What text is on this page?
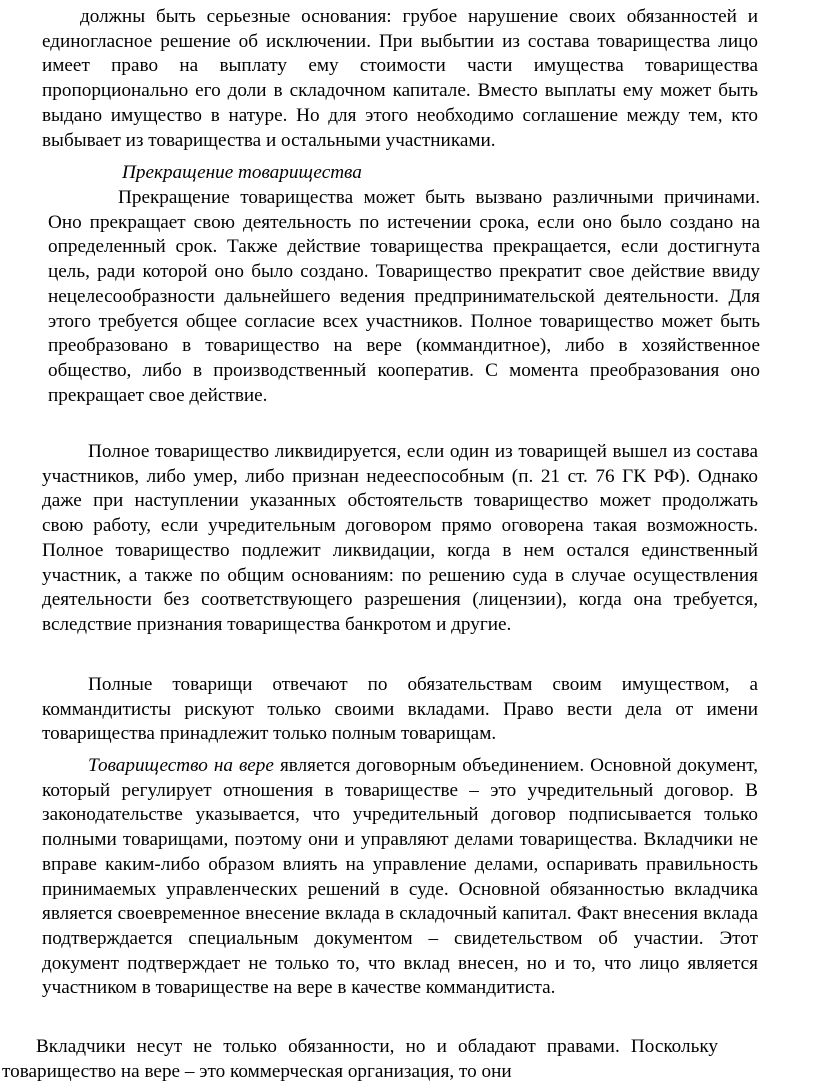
должны быть серьезные основания: грубое нарушение своих обязанностей и единогласное решение об исключении. При выбытии из состава товарищества лицо имеет право на выплату ему стоимости части имущества товарищества пропорционально его доли в складочном капитале. Вместо выплаты ему может быть выдано имущество в натуре. Но для этого необходимо соглашение между тем, кто выбывает из товарищества и остальными участниками.

Прекращение товарищества

Прекращение товарищества может быть вызвано различными причинами. Оно прекращает свою деятельность по истечении срока, если оно было создано на определенный срок. Также действие товарищества прекращается, если достигнута цель, ради которой оно было создано. Товарищество прекратит свое действие ввиду нецелесообразности дальнейшего ведения предпринимательской деятельности. Для этого требуется общее согласие всех участников. Полное товарищество может быть преобразовано в товарищество на вере (коммандитное), либо в хозяйственное общество, либо в производственный кооператив. С момента преобразования оно прекращает свое действие.

Полное товарищество ликвидируется, если один из товарищей вышел из состава участников, либо умер, либо признан недееспособным (п. 21 ст. 76 ГК РФ). Однако даже при наступлении указанных обстоятельств товарищество может продолжать свою работу, если учредительным договором прямо оговорена такая возможность. Полное товарищество подлежит ликвидации, когда в нем остался единственный участник, а также по общим основаниям: по решению суда в случае осуществления деятельности без соответствующего разрешения (лицензии), когда она требуется, вследствие признания товарищества банкротом и другие.

Полные товарищи отвечают по обязательствам своим имуществом, а коммандитисты рискуют только своими вкладами. Право вести дела от имени товарищества принадлежит только полным товарищам.

Товарищество на вере является договорным объединением. Основной документ, который регулирует отношения в товариществе – это учредительный договор. В законодательстве указывается, что учредительный договор подписывается только полными товарищами, поэтому они и управляют делами товарищества. Вкладчики не вправе каким-либо образом влиять на управление делами, оспаривать правильность принимаемых управленческих решений в суде. Основной обязанностью вкладчика является своевременное внесение вклада в складочный капитал. Факт внесения вклада подтверждается специальным документом – свидетельством об участии. Этот документ подтверждает не только то, что вклад внесен, но и то, что лицо является участником в товариществе на вере в качестве коммандитиста.

Вкладчики несут не только обязанности, но и обладают правами. Поскольку товарищество на вере – это коммерческая организация, то они
